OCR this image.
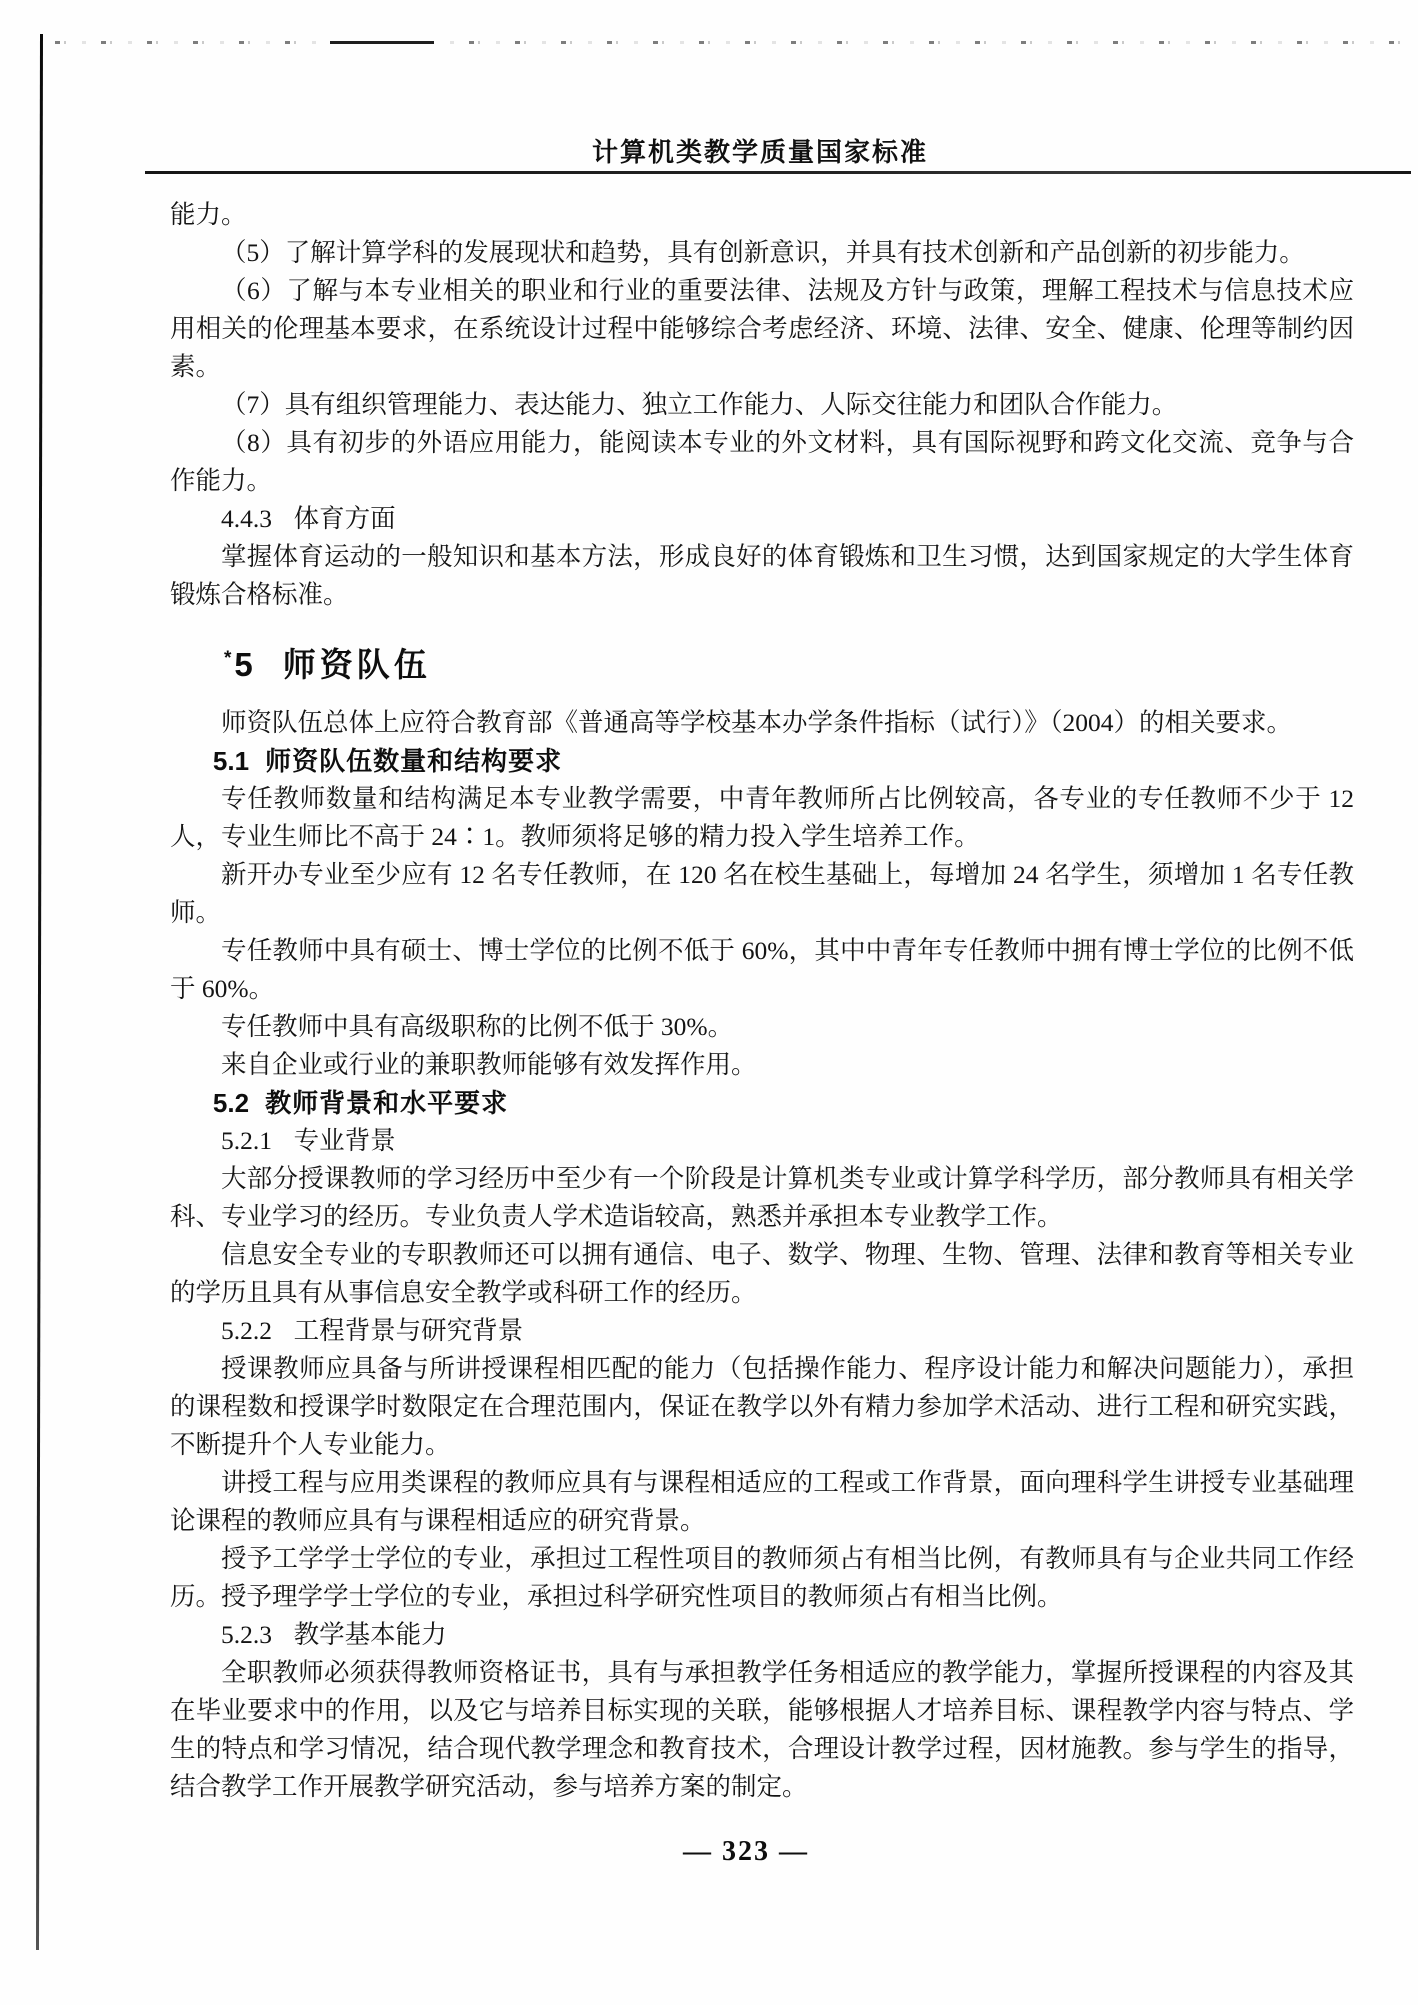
计算机类教学质量国家标准

能力。

（5）了解计算学科的发展现状和趋势，具有创新意识，并具有技术创新和产品创新的初步能力。

（6）了解与本专业相关的职业和行业的重要法律、法规及方针与政策，理解工程技术与信息技术应用相关的伦理基本要求，在系统设计过程中能够综合考虑经济、环境、法律、安全、健康、伦理等制约因素。

（7）具有组织管理能力、表达能力、独立工作能力、人际交往能力和团队合作能力。

（8）具有初步的外语应用能力，能阅读本专业的外文材料，具有国际视野和跨文化交流、竞争与合作能力。

4.4.3 体育方面

掌握体育运动的一般知识和基本方法，形成良好的体育锻炼和卫生习惯，达到国家规定的大学生体育锻炼合格标准。

*5 师资队伍

师资队伍总体上应符合教育部《普通高等学校基本办学条件指标（试行）》（2004）的相关要求。

5.1 师资队伍数量和结构要求

专任教师数量和结构满足本专业教学需要，中青年教师所占比例较高，各专业的专任教师不少于 12 人，专业生师比不高于 24∶1。教师须将足够的精力投入学生培养工作。

新开办专业至少应有 12 名专任教师，在 120 名在校生基础上，每增加 24 名学生，须增加 1 名专任教师。

专任教师中具有硕士、博士学位的比例不低于 60%，其中中青年专任教师中拥有博士学位的比例不低于 60%。

专任教师中具有高级职称的比例不低于 30%。

来自企业或行业的兼职教师能够有效发挥作用。

5.2 教师背景和水平要求

5.2.1 专业背景

大部分授课教师的学习经历中至少有一个阶段是计算机类专业或计算学科学历，部分教师具有相关学科、专业学习的经历。专业负责人学术造诣较高，熟悉并承担本专业教学工作。

信息安全专业的专职教师还可以拥有通信、电子、数学、物理、生物、管理、法律和教育等相关专业的学历且具有从事信息安全教学或科研工作的经历。

5.2.2 工程背景与研究背景

授课教师应具备与所讲授课程相匹配的能力（包括操作能力、程序设计能力和解决问题能力），承担的课程数和授课学时数限定在合理范围内，保证在教学以外有精力参加学术活动、进行工程和研究实践，不断提升个人专业能力。

讲授工程与应用类课程的教师应具有与课程相适应的工程或工作背景，面向理科学生讲授专业基础理论课程的教师应具有与课程相适应的研究背景。

授予工学学士学位的专业，承担过工程性项目的教师须占有相当比例，有教师具有与企业共同工作经历。授予理学学士学位的专业，承担过科学研究性项目的教师须占有相当比例。

5.2.3 教学基本能力

全职教师必须获得教师资格证书，具有与承担教学任务相适应的教学能力，掌握所授课程的内容及其在毕业要求中的作用，以及它与培养目标实现的关联，能够根据人才培养目标、课程教学内容与特点、学生的特点和学习情况，结合现代教学理念和教育技术，合理设计教学过程，因材施教。参与学生的指导，结合教学工作开展教学研究活动，参与培养方案的制定。

— 323 —
